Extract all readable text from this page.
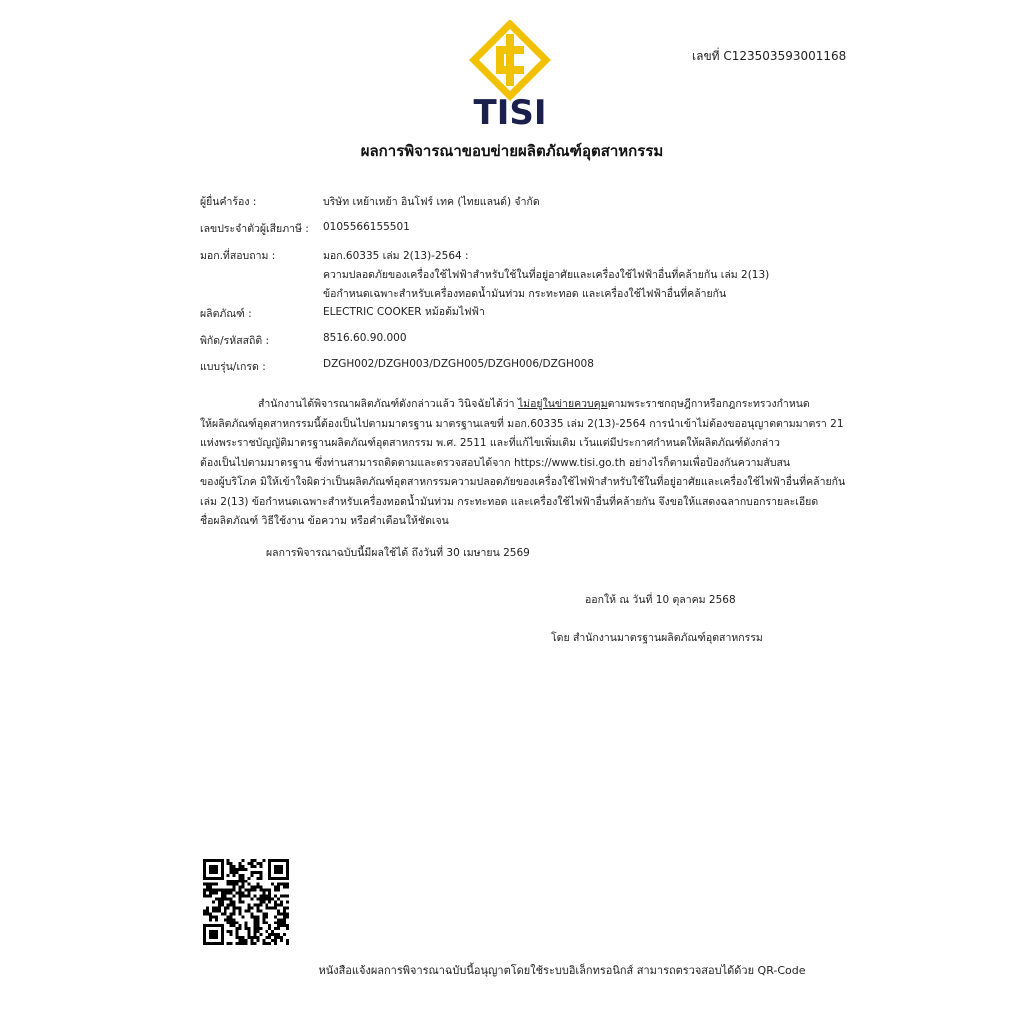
TISI
เลขที่ C123503593001168
ผลการพิจารณาขอบข่ายผลิตภัณฑ์อุตสาหกรรม
ผู้ยื่นคำร้อง :	บริษัท เหย้าเหย้า อินโฟร์ เทค (ไทยแลนด์) จำกัด
เลขประจำตัวผู้เสียภาษี : 0105566155501
มอก.ที่สอบถาม :	มอก.60335 เล่ม 2(13)-2564 :
ความปลอดภัยของเครื่องใช้ไฟฟ้าสำหรับใช้ในที่อยู่อาศัยและเครื่องใช้ไฟฟ้าอื่นที่คล้ายกัน เล่ม 2(13)
ข้อกำหนดเฉพาะสำหรับเครื่องทอดน้ำมันท่วม กระทะทอด และเครื่องใช้ไฟฟ้าอื่นที่คล้ายกัน
ผลิตภัณฑ์ :	ELECTRIC COOKER หม้อต้มไฟฟ้า
พิกัด/รหัสสถิติ :	8516.60.90.000
แบบรุ่น/เกรด :	DZGH002/DZGH003/DZGH005/DZGH006/DZGH008
สำนักงานได้พิจารณาผลิตภัณฑ์ดังกล่าวแล้ว วินิจฉัยได้ว่า ไม่อยู่ในข่ายควบคุมตามพระราชกฤษฎีกาหรือกฎกระทรวงกำหนด
ให้ผลิตภัณฑ์อุตสาหกรรมนี้ต้องเป็นไปตามมาตรฐาน มาตรฐานเลขที่ มอก.60335 เล่ม 2(13)-2564 การนำเข้าไม่ต้องขออนุญาตตามมาตรา 21
แห่งพระราชบัญญัติมาตรฐานผลิตภัณฑ์อุตสาหกรรม พ.ศ. 2511 และที่แก้ไขเพิ่มเติม เว้นแต่มีประกาศกำหนดให้ผลิตภัณฑ์ดังกล่าว
ต้องเป็นไปตามมาตรฐาน ซึ่งท่านสามารถติดตามและตรวจสอบได้จาก https://www.tisi.go.th อย่างไรก็ตามเพื่อป้องกันความสับสน
ของผู้บริโภค มิให้เข้าใจผิดว่าเป็นผลิตภัณฑ์อุตสาหกรรมความปลอดภัยของเครื่องใช้ไฟฟ้าสำหรับใช้ในที่อยู่อาศัยและเครื่องใช้ไฟฟ้าอื่นที่คล้ายกัน
เล่ม 2(13) ข้อกำหนดเฉพาะสำหรับเครื่องทอดน้ำมันท่วม กระทะทอด และเครื่องใช้ไฟฟ้าอื่นที่คล้ายกัน จึงขอให้แสดงฉลากบอกรายละเอียด
ชื่อผลิตภัณฑ์ วิธีใช้งาน ข้อความ หรือคำเตือนให้ชัดเจน
ผลการพิจารณาฉบับนี้มีผลใช้ได้ ถึงวันที่ 30 เมษายน 2569
ออกให้ ณ วันที่ 10 ตุลาคม 2568
โดย สำนักงานมาตรฐานผลิตภัณฑ์อุตสาหกรรม
หนังสือแจ้งผลการพิจารณาฉบับนี้อนุญาตโดยใช้ระบบอิเล็กทรอนิกส์ สามารถตรวจสอบได้ด้วย QR-Code
